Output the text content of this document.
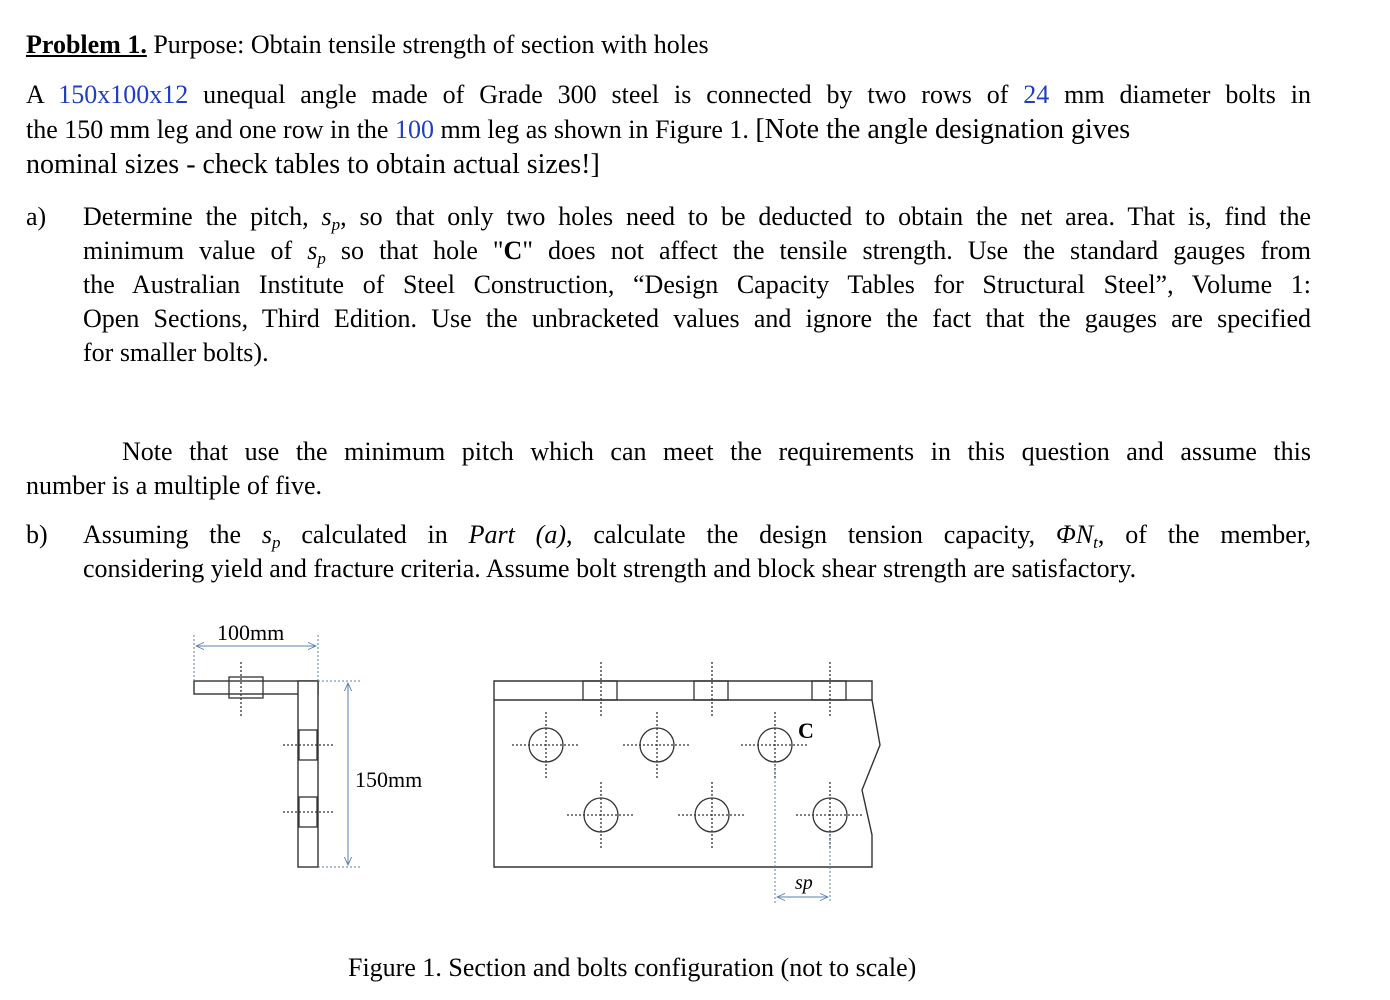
Problem 1. Purpose: Obtain tensile strength of section with holes
A 150x100x12 unequal angle made of Grade 300 steel is connected by two rows of 24 mm diameter bolts in
the 150 mm leg and one row in the 100 mm leg as shown in Figure 1. [Note the angle designation gives
nominal sizes - check tables to obtain actual sizes!]
a) Determine the pitch, $s_p$, so that only two holes need to be deducted to obtain the net area. That is, find the
minimum value of $s_p$ so that hole "C" does not affect the tensile strength. Use the standard gauges from
the Australian Institute of Steel Construction, “Design Capacity Tables for Structural Steel”, Volume 1:
Open Sections, Third Edition. Use the unbracketed values and ignore the fact that the gauges are specified
for smaller bolts).
Note that use the minimum pitch which can meet the requirements in this question and assume this
number is a multiple of five.
b) Assuming the $s_p$ calculated in Part (a), calculate the design tension capacity, $\Phi N_t$, of the member,
considering yield and fracture criteria. Assume bolt strength and block shear strength are satisfactory.
100mm
150mm
C
sp
Figure 1. Section and bolts configuration (not to scale)
